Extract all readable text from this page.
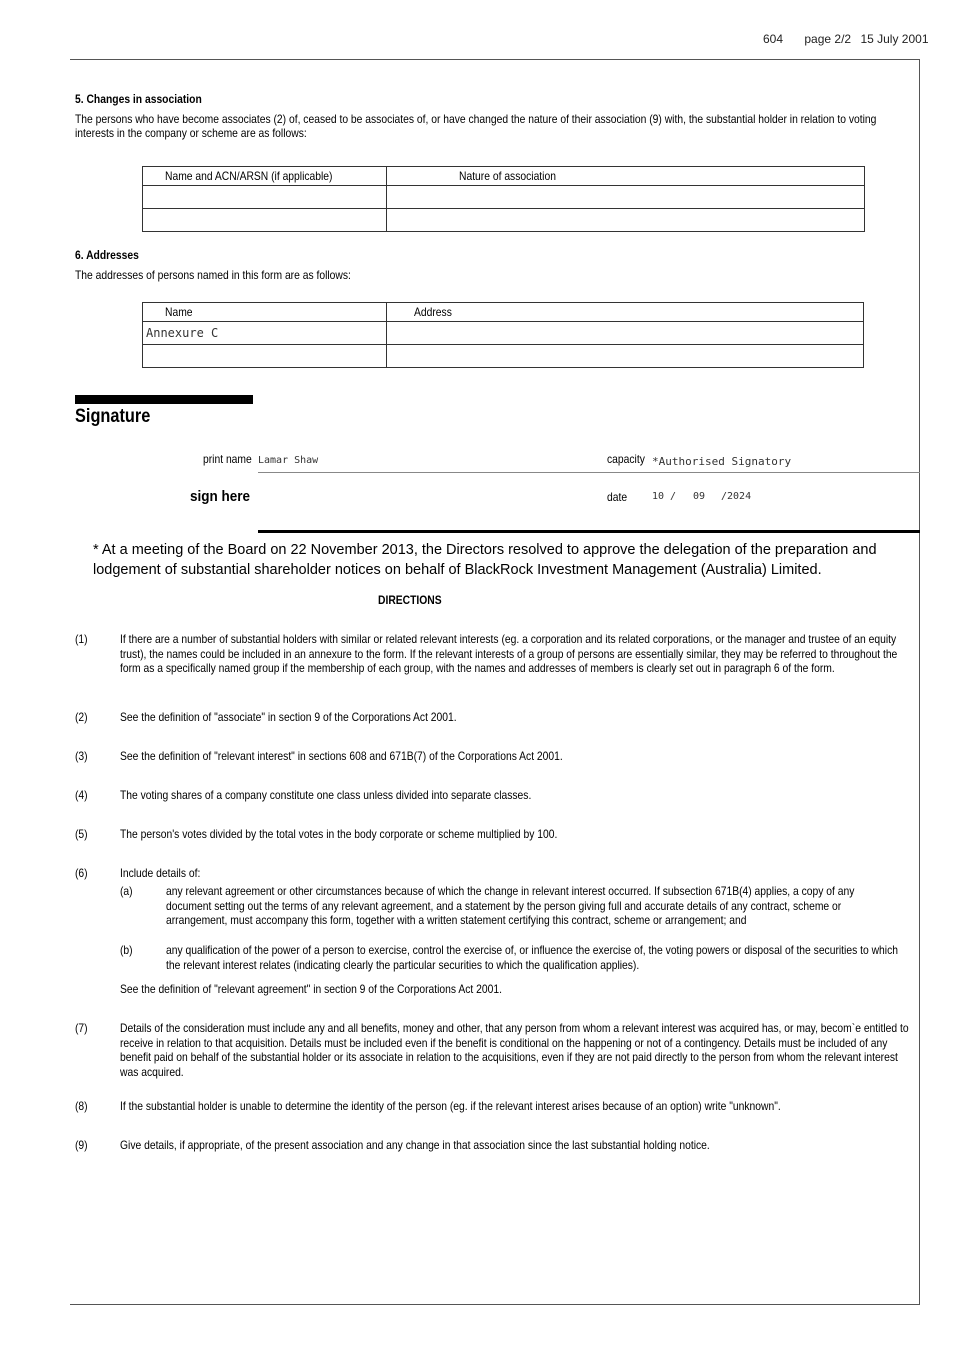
604 page 2/2 15 July 2001
5. Changes in association
The persons who have become associates (2) of, ceased to be associates of, or have changed the nature of their association (9) with, the substantial holder in relation to voting interests in the company or scheme are as follows:
Name and ACN/ARSN (if applicable)	Nature of association

6. Addresses
The addresses of persons named in this form are as follows:
Name	Address
Annexure C	

Signature
print name Lamar Shaw	capacity *Authorised Signatory
sign here	date 10 / 09 /2024
* At a meeting of the Board on 22 November 2013, the Directors resolved to approve the delegation of the preparation and lodgement of substantial shareholder notices on behalf of BlackRock Investment Management (Australia) Limited.
DIRECTIONS
(1)	If there are a number of substantial holders with similar or related relevant interests (eg. a corporation and its related corporations, or the manager and trustee of an equity trust), the names could be included in an annexure to the form. If the relevant interests of a group of persons are essentially similar, they may be referred to throughout the form as a specifically named group if the membership of each group, with the names and addresses of members is clearly set out in paragraph 6 of the form.
(2)	See the definition of "associate" in section 9 of the Corporations Act 2001.
(3)	See the definition of "relevant interest" in sections 608 and 671B(7) of the Corporations Act 2001.
(4)	The voting shares of a company constitute one class unless divided into separate classes.
(5)	The person's votes divided by the total votes in the body corporate or scheme multiplied by 100.
(6)	Include details of:
(a)	any relevant agreement or other circumstances because of which the change in relevant interest occurred. If subsection 671B(4) applies, a copy of any document setting out the terms of any relevant agreement, and a statement by the person giving full and accurate details of any contract, scheme or arrangement, must accompany this form, together with a written statement certifying this contract, scheme or arrangement; and
(b)	any qualification of the power of a person to exercise, control the exercise of, or influence the exercise of, the voting powers or disposal of the securities to which the relevant interest relates (indicating clearly the particular securities to which the qualification applies).
See the definition of "relevant agreement" in section 9 of the Corporations Act 2001.
(7)	Details of the consideration must include any and all benefits, money and other, that any person from whom a relevant interest was acquired has, or may, becom`e entitled to receive in relation to that acquisition. Details must be included even if the benefit is conditional on the happening or not of a contingency. Details must be included of any benefit paid on behalf of the substantial holder or its associate in relation to the acquisitions, even if they are not paid directly to the person from whom the relevant interest was acquired.
(8)	If the substantial holder is unable to determine the identity of the person (eg. if the relevant interest arises because of an option) write "unknown".
(9)	Give details, if appropriate, of the present association and any change in that association since the last substantial holding notice.
